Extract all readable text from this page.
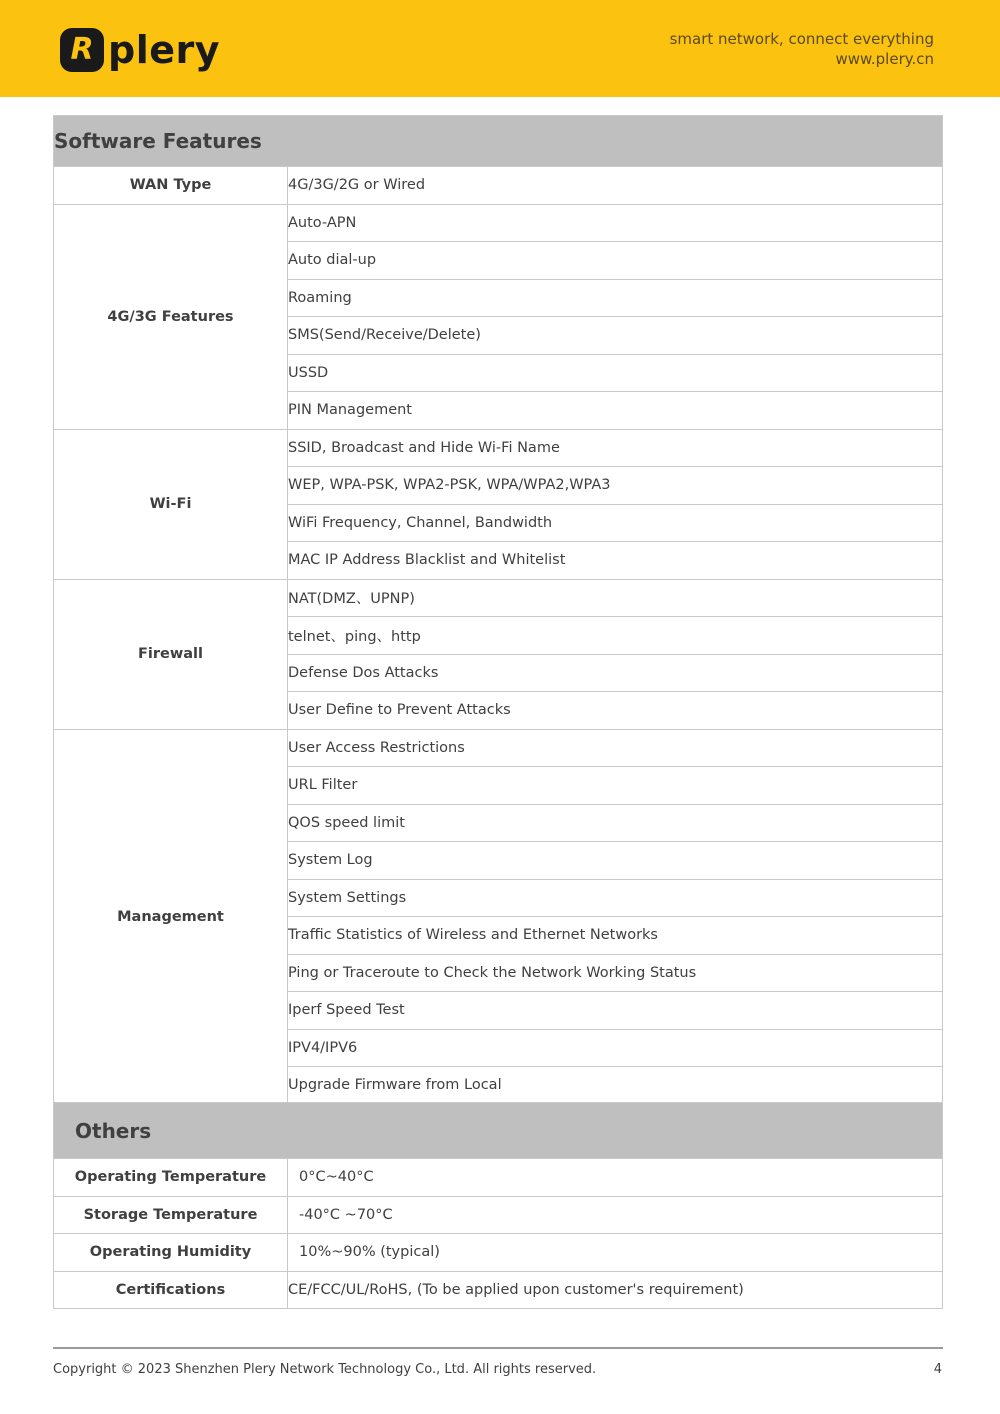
R plery	smart network, connect everything
www.plery.cn
Software Features	
WAN Type	4G/3G/2G or Wired
4G/3G Features	Auto-APN
	Auto dial-up
	Roaming
	SMS(Send/Receive/Delete)
	USSD
	PIN Management
Wi-Fi	SSID, Broadcast and Hide Wi-Fi Name
	WEP, WPA-PSK, WPA2-PSK, WPA/WPA2,WPA3
	WiFi Frequency, Channel, Bandwidth
	MAC IP Address Blacklist and Whitelist
Firewall	NAT(DMZ、UPNP)
	telnet、ping、http
	Defense Dos Attacks
	User Define to Prevent Attacks
Management	User Access Restrictions
	URL Filter
	QOS speed limit
	System Log
	System Settings
	Traffic Statistics of Wireless and Ethernet Networks
	Ping or Traceroute to Check the Network Working Status
	Iperf Speed Test
	IPV4/IPV6
	Upgrade Firmware from Local
Others	
Operating Temperature	0°C~40°C
Storage Temperature	-40°C ~70°C
Operating Humidity	10%~90% (typical)
Certifications	CE/FCC/UL/RoHS, (To be applied upon customer's requirement)
Copyright © 2023 Shenzhen Plery Network Technology Co., Ltd. All rights reserved.	4
